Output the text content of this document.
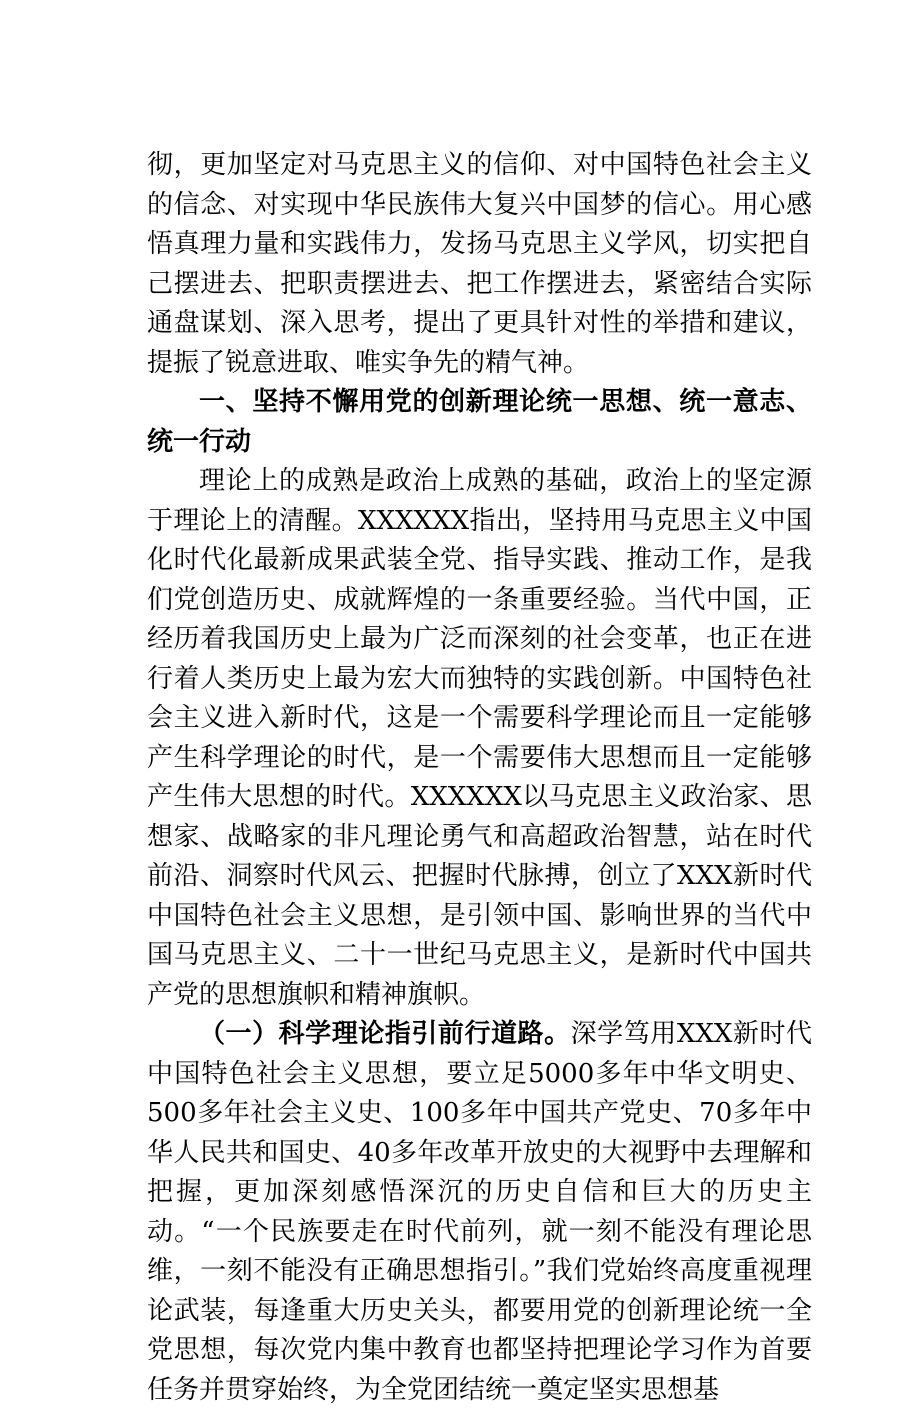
彻，更加坚定对马克思主义的信仰、对中国特色社会主义的信念、对实现中华民族伟大复兴中国梦的信心。用心感悟真理力量和实践伟力，发扬马克思主义学风，切实把自己摆进去、把职责摆进去、把工作摆进去，紧密结合实际通盘谋划、深入思考，提出了更具针对性的举措和建议，提振了锐意进取、唯实争先的精气神。

一、坚持不懈用党的创新理论统一思想、统一意志、统一行动

理论上的成熟是政治上成熟的基础，政治上的坚定源于理论上的清醒。XXXXXX指出，坚持用马克思主义中国化时代化最新成果武装全党、指导实践、推动工作，是我们党创造历史、成就辉煌的一条重要经验。当代中国，正经历着我国历史上最为广泛而深刻的社会变革，也正在进行着人类历史上最为宏大而独特的实践创新。中国特色社会主义进入新时代，这是一个需要科学理论而且一定能够产生科学理论的时代，是一个需要伟大思想而且一定能够产生伟大思想的时代。XXXXXX以马克思主义政治家、思想家、战略家的非凡理论勇气和高超政治智慧，站在时代前沿、洞察时代风云、把握时代脉搏，创立了XXX新时代中国特色社会主义思想，是引领中国、影响世界的当代中国马克思主义、二十一世纪马克思主义，是新时代中国共产党的思想旗帜和精神旗帜。

（一）科学理论指引前行道路。深学笃用XXX新时代中国特色社会主义思想，要立足5000多年中华文明史、500多年社会主义史、100多年中国共产党史、70多年中华人民共和国史、40多年改革开放史的大视野中去理解和把握，更加深刻感悟深沉的历史自信和巨大的历史主动。“一个民族要走在时代前列，就一刻不能没有理论思维，一刻不能没有正确思想指引。”我们党始终高度重视理论武装，每逢重大历史关头，都要用党的创新理论统一全党思想，每次党内集中教育也都坚持把理论学习作为首要任务并贯穿始终，为全党团结统一奠定坚实思想基
